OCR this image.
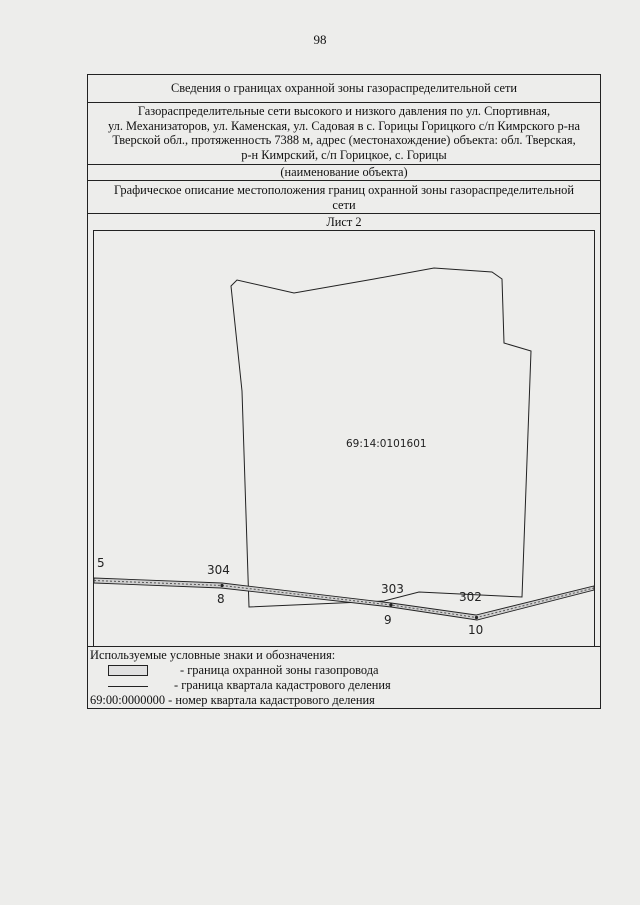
98
Сведения о границах охранной зоны газораспределительной сети
Газораспределительные сети высокого и низкого давления по ул. Спортивная,
ул. Механизаторов, ул. Каменская, ул. Садовая в с. Горицы Горицкого с/п Кимрского р-на
Тверской обл., протяженность 7388 м, адрес (местонахождение) объекта: обл. Тверская,
р-н Кимрский, с/п Горицкое, с. Горицы
(наименование объекта)
Графическое описание местоположения границ охранной зоны газораспределительной
сети
Лист 2
69:14:0101601
5	304
8
303
9
302
10
Используемые условные знаки и обозначения:
- граница охранной зоны газопровода
- граница квартала кадастрового деления
69:00:0000000 - номер квартала кадастрового деления
